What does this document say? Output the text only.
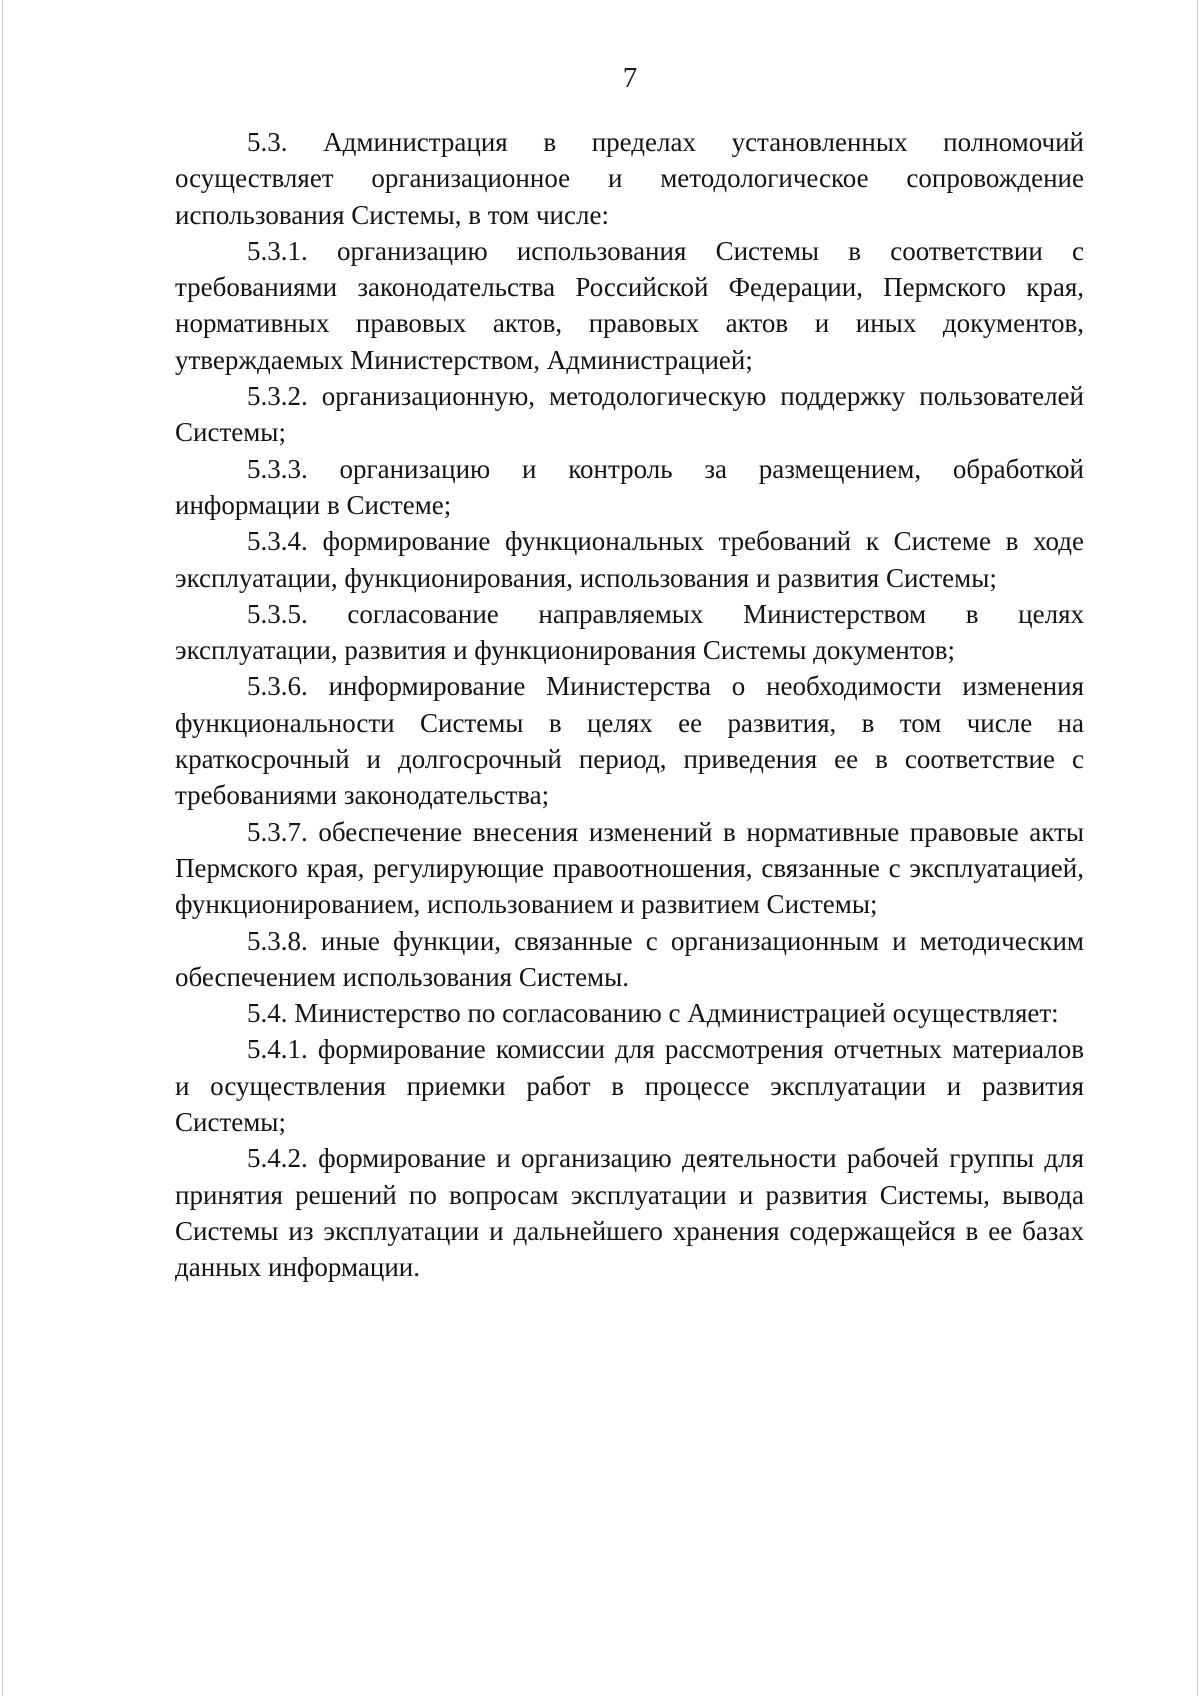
7

5.3. Администрация в пределах установленных полномочий осуществляет организационное и методологическое сопровождение использования Системы, в том числе:

5.3.1. организацию использования Системы в соответствии с требованиями законодательства Российской Федерации, Пермского края, нормативных правовых актов, правовых актов и иных документов, утверждаемых Министерством, Администрацией;

5.3.2. организационную, методологическую поддержку пользователей Системы;

5.3.3. организацию и контроль за размещением, обработкой информации в Системе;

5.3.4. формирование функциональных требований к Системе в ходе эксплуатации, функционирования, использования и развития Системы;

5.3.5. согласование направляемых Министерством в целях эксплуатации, развития и функционирования Системы документов;

5.3.6. информирование Министерства о необходимости изменения функциональности Системы в целях ее развития, в том числе на краткосрочный и долгосрочный период, приведения ее в соответствие с требованиями законодательства;

5.3.7. обеспечение внесения изменений в нормативные правовые акты Пермского края, регулирующие правоотношения, связанные с эксплуатацией, функционированием, использованием и развитием Системы;

5.3.8. иные функции, связанные с организационным и методическим обеспечением использования Системы.

5.4. Министерство по согласованию с Администрацией осуществляет:

5.4.1. формирование комиссии для рассмотрения отчетных материалов и осуществления приемки работ в процессе эксплуатации и развития Системы;

5.4.2. формирование и организацию деятельности рабочей группы для принятия решений по вопросам эксплуатации и развития Системы, вывода Системы из эксплуатации и дальнейшего хранения содержащейся в ее базах данных информации.
